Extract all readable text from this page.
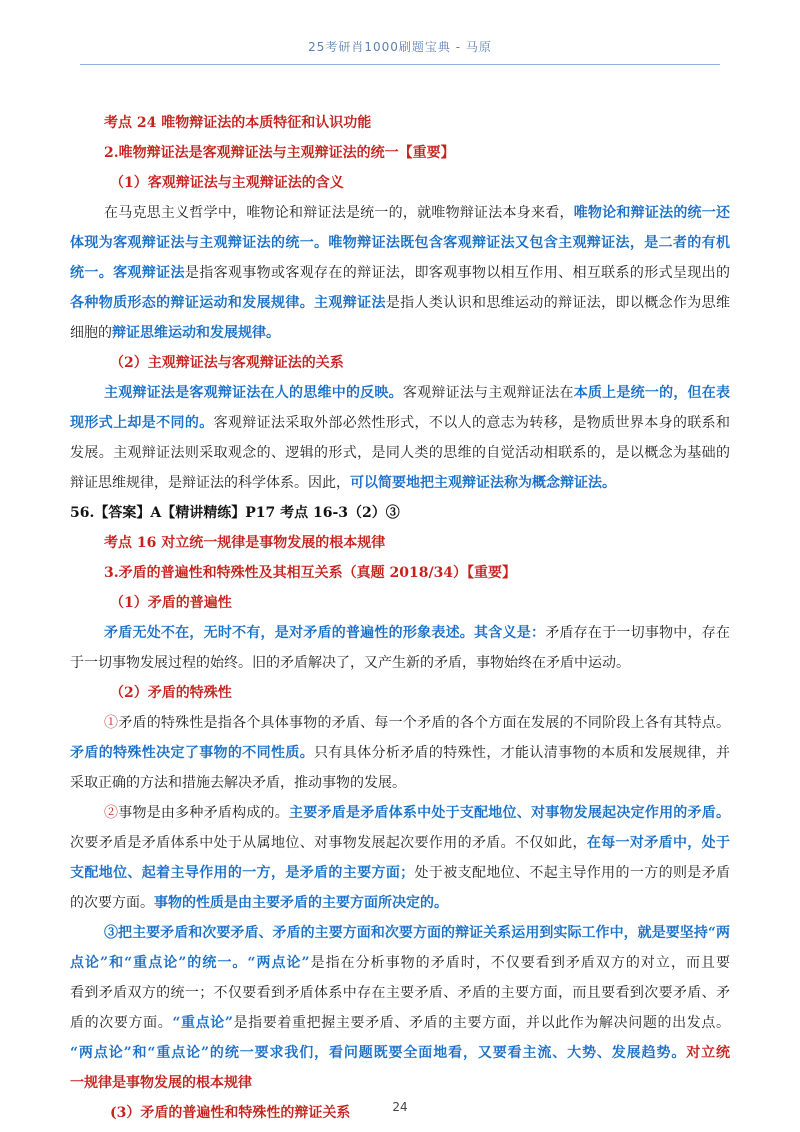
25考研肖1000刷题宝典 - 马原
考点 24 唯物辩证法的本质特征和认识功能
2.唯物辩证法是客观辩证法与主观辩证法的统一【重要】
（1）客观辩证法与主观辩证法的含义
在马克思主义哲学中，唯物论和辩证法是统一的，就唯物辩证法本身来看，唯物论和辩证法的统一还
体现为客观辩证法与主观辩证法的统一。唯物辩证法既包含客观辩证法又包含主观辩证法，是二者的有机
统一。客观辩证法是指客观事物或客观存在的辩证法，即客观事物以相互作用、相互联系的形式呈现出的
各种物质形态的辩证运动和发展规律。主观辩证法是指人类认识和思维运动的辩证法，即以概念作为思维
细胞的辩证思维运动和发展规律。
（2）主观辩证法与客观辩证法的关系
主观辩证法是客观辩证法在人的思维中的反映。客观辩证法与主观辩证法在本质上是统一的，但在表
现形式上却是不同的。客观辩证法采取外部必然性形式，不以人的意志为转移，是物质世界本身的联系和
发展。主观辩证法则采取观念的、逻辑的形式，是同人类的思维的自觉活动相联系的，是以概念为基础的
辩证思维规律，是辩证法的科学体系。因此，可以简要地把主观辩证法称为概念辩证法。
56.【答案】A【精讲精练】P17 考点 16-3（2）③
考点 16 对立统一规律是事物发展的根本规律
3.矛盾的普遍性和特殊性及其相互关系（真题 2018/34）【重要】
（1）矛盾的普遍性
矛盾无处不在，无时不有，是对矛盾的普遍性的形象表述。其含义是：矛盾存在于一切事物中，存在
于一切事物发展过程的始终。旧的矛盾解决了，又产生新的矛盾，事物始终在矛盾中运动。
（2）矛盾的特殊性
①矛盾的特殊性是指各个具体事物的矛盾、每一个矛盾的各个方面在发展的不同阶段上各有其特点。
矛盾的特殊性决定了事物的不同性质。只有具体分析矛盾的特殊性，才能认清事物的本质和发展规律，并
采取正确的方法和措施去解决矛盾，推动事物的发展。
②事物是由多种矛盾构成的。主要矛盾是矛盾体系中处于支配地位、对事物发展起决定作用的矛盾。
次要矛盾是矛盾体系中处于从属地位、对事物发展起次要作用的矛盾。不仅如此，在每一对矛盾中，处于
支配地位、起着主导作用的一方，是矛盾的主要方面；处于被支配地位、不起主导作用的一方的则是矛盾
的次要方面。事物的性质是由主要矛盾的主要方面所决定的。
③把主要矛盾和次要矛盾、矛盾的主要方面和次要方面的辩证关系运用到实际工作中，就是要坚持“两
点论”和“重点论”的统一。“两点论”是指在分析事物的矛盾时，不仅要看到矛盾双方的对立，而且要
看到矛盾双方的统一；不仅要看到矛盾体系中存在主要矛盾、矛盾的主要方面，而且要看到次要矛盾、矛
盾的次要方面。“重点论”是指要着重把握主要矛盾、矛盾的主要方面，并以此作为解决问题的出发点。
“两点论”和“重点论”的统一要求我们，看问题既要全面地看，又要看主流、大势、发展趋势。对立统
一规律是事物发展的根本规律
(3）矛盾的普遍性和特殊性的辩证关系	24
